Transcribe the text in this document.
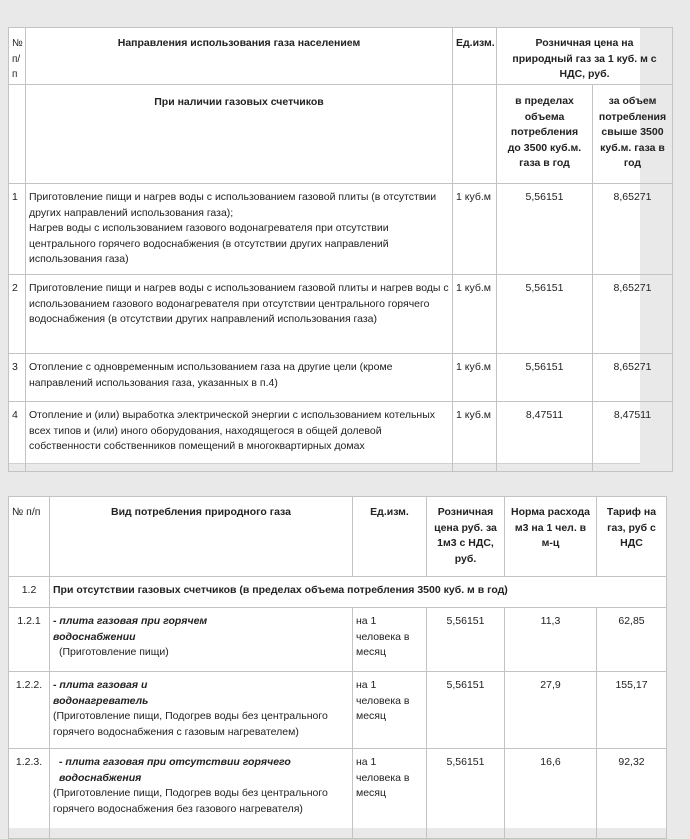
№ п/п	Направления использования газа населением	Ед.изм.	Розничная цена на природный газ за 1 куб. м с НДС, руб.	
	При наличии газовых счетчиков		в пределах объема потребления до 3500 куб.м. газа в год	за объем потребления свыше 3500 куб.м. газа в год
1	Приготовление пищи и нагрев воды с использованием газовой плиты (в отсутствии других направлений использования газа);
Нагрев воды с использованием газового водонагревателя при отсутствии центрального горячего водоснабжения (в отсутствии других направлений использования газа)	1 куб.м	5,56151	8,65271
2	Приготовление пищи и нагрев воды с использованием газовой плиты и нагрев воды с использованием газового водонагревателя при отсутствии центрального горячего водоснабжения (в отсутствии других направлений использования газа)	1 куб.м	5,56151	8,65271
3	Отопление с одновременным использованием газа на другие цели (кроме направлений использования газа, указанных в п.4)	1 куб.м	5,56151	8,65271
4	Отопление и (или) выработка электрической энергии с использованием котельных всех типов и (или) иного оборудования, находящегося в общей долевой собственности собственников помещений в многоквартирных домах	1 куб.м	8,47511	8,47511
№ п/п	Вид потребления природного газа	Ед.изм.	Розничная цена руб. за 1м3 с НДС, руб.	Норма расхода м3 на 1 чел. в м-ц	Тариф на газ, руб с НДС
1.2	При отсутствии газовых счетчиков (в пределах объема потребления 3500 куб. м в год)				
1.2.1	- плита газовая при горячем водоснабжении
(Приготовление пищи)	на 1 человека в месяц	5,56151	11,3	62,85
1.2.2.	- плита газовая и водонагреватель
(Приготовление пищи, Подогрев воды без центрального горячего водоснабжения с газовым нагревателем)	на 1 человека в месяц	5,56151	27,9	155,17
1.2.3.	- плита газовая при отсутствии горячего водоснабжения
(Приготовление пищи, Подогрев воды без центрального горячего водоснабжения без газового нагревателя)	на 1 человека в месяц	5,56151	16,6	92,32
